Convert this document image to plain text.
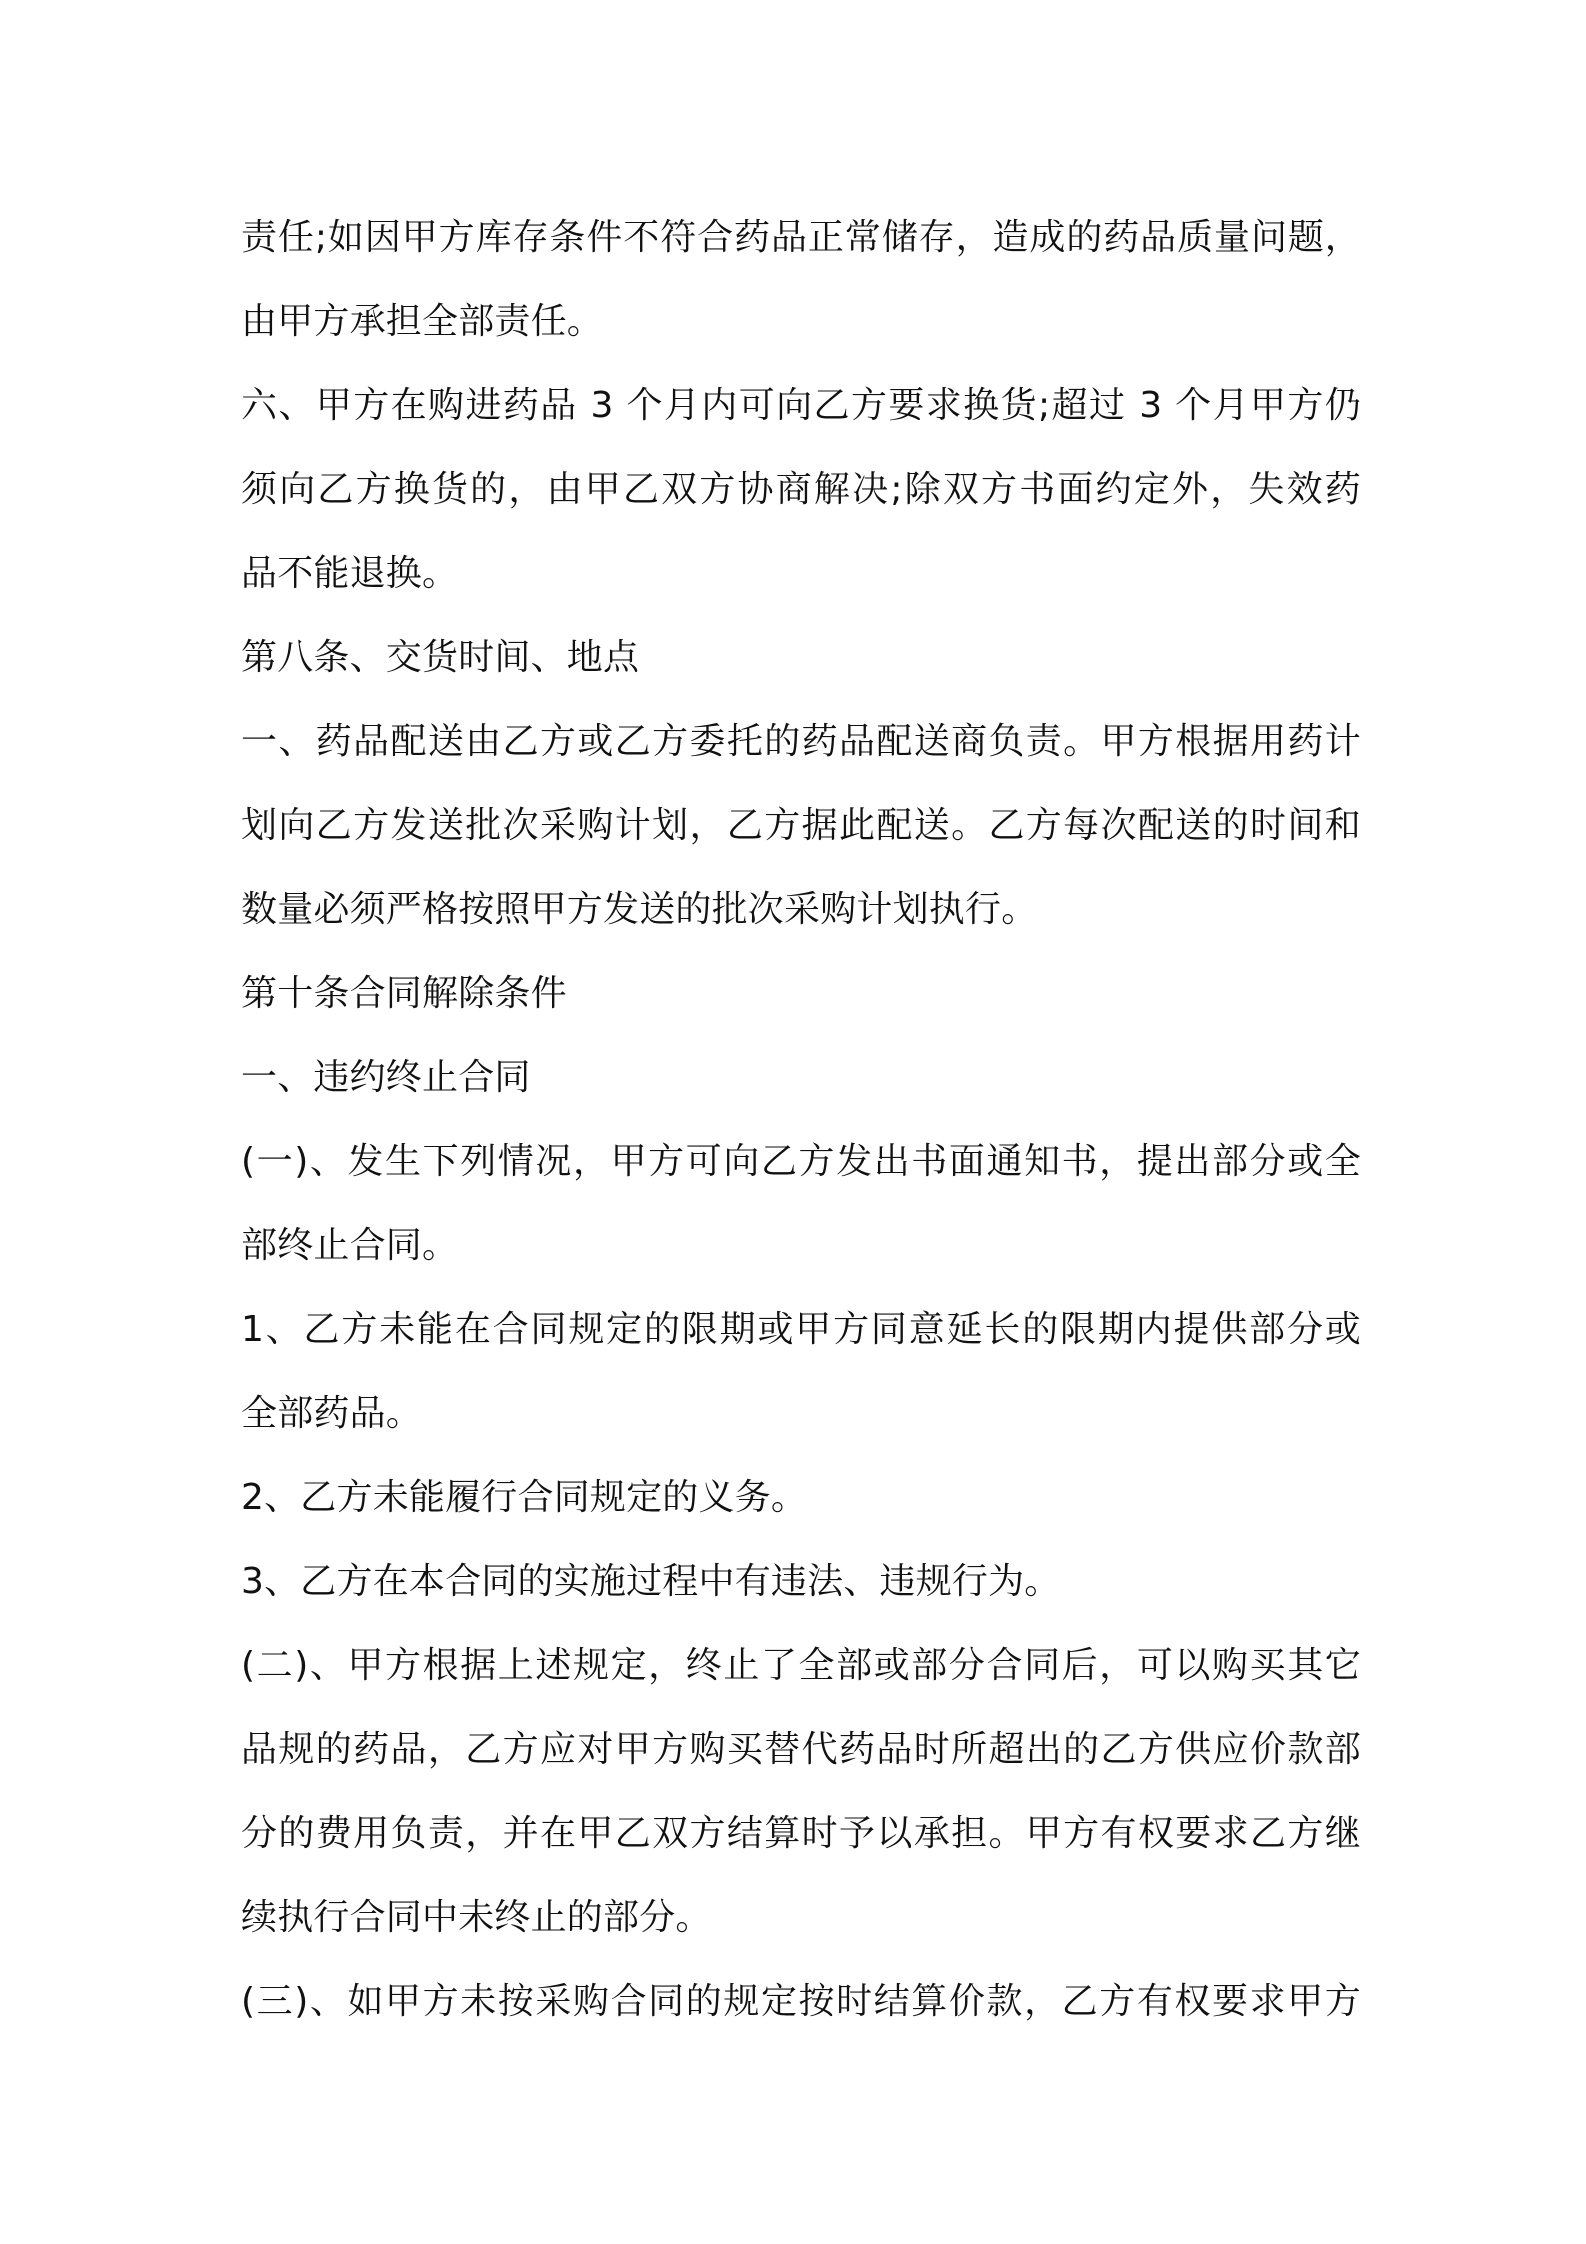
责任;如因甲方库存条件不符合药品正常储存，造成的药品质量问题，
由甲方承担全部责任。
六、甲方在购进药品 3 个月内可向乙方要求换货;超过 3 个月甲方仍
须向乙方换货的，由甲乙双方协商解决;除双方书面约定外，失效药
品不能退换。
第八条、交货时间、地点
一、药品配送由乙方或乙方委托的药品配送商负责。甲方根据用药计
划向乙方发送批次采购计划，乙方据此配送。乙方每次配送的时间和
数量必须严格按照甲方发送的批次采购计划执行。
第十条合同解除条件
一、违约终止合同
(一)、发生下列情况，甲方可向乙方发出书面通知书，提出部分或全
部终止合同。
1、乙方未能在合同规定的限期或甲方同意延长的限期内提供部分或
全部药品。
2、乙方未能履行合同规定的义务。
3、乙方在本合同的实施过程中有违法、违规行为。
(二)、甲方根据上述规定，终止了全部或部分合同后，可以购买其它
品规的药品，乙方应对甲方购买替代药品时所超出的乙方供应价款部
分的费用负责，并在甲乙双方结算时予以承担。甲方有权要求乙方继
续执行合同中未终止的部分。
(三)、如甲方未按采购合同的规定按时结算价款，乙方有权要求甲方
